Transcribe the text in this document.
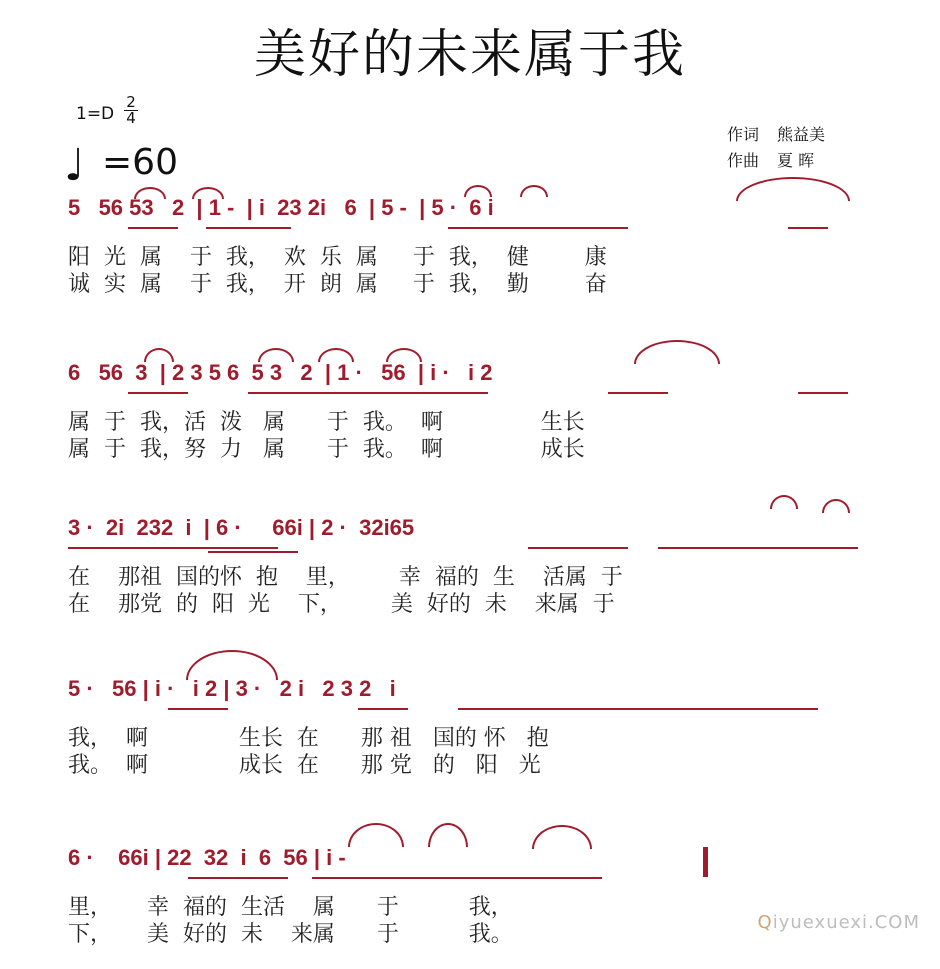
美好的未来属于我
1=D
2
4
♩ =60
作词 熊益美
作曲 夏 晖
5   56 53   2  | 1 -  | i  23 2i   6  | 5 -  | 5 ·  6 i
阳  光  属    于  我，  欢  乐  属     于  我，  健        康
诚  实  属    于  我，  开  朗  属     于  我，  勤        奋
6   56  3  | 2 3 5 6  5 3   2  | 1 ·   56  | i ·   i 2
属  于  我，活  泼   属      于  我。  啊              生长
属  于  我，努  力   属      于  我。  啊              成长
3 ·  2i  232  i  | 6 ·     66i | 2 ·  32i65
在    那祖  国的怀  抱    里，       幸  福的  生    活属  于
在    那党  的  阳  光    下，       美  好的  未    来属  于
5 ·   56 | i ·   i 2 | 3 ·   2 i   2 3 2   i
我，  啊             生长  在      那 祖   国的 怀   抱
我。  啊             成长  在      那 党   的   阳   光
6 ·    66i | 22  32  i  6  56 | i -
里，     幸  福的  生活    属      于          我，
下，     美  好的  未    来属      于          我。	Qiyuexuexi.COM
